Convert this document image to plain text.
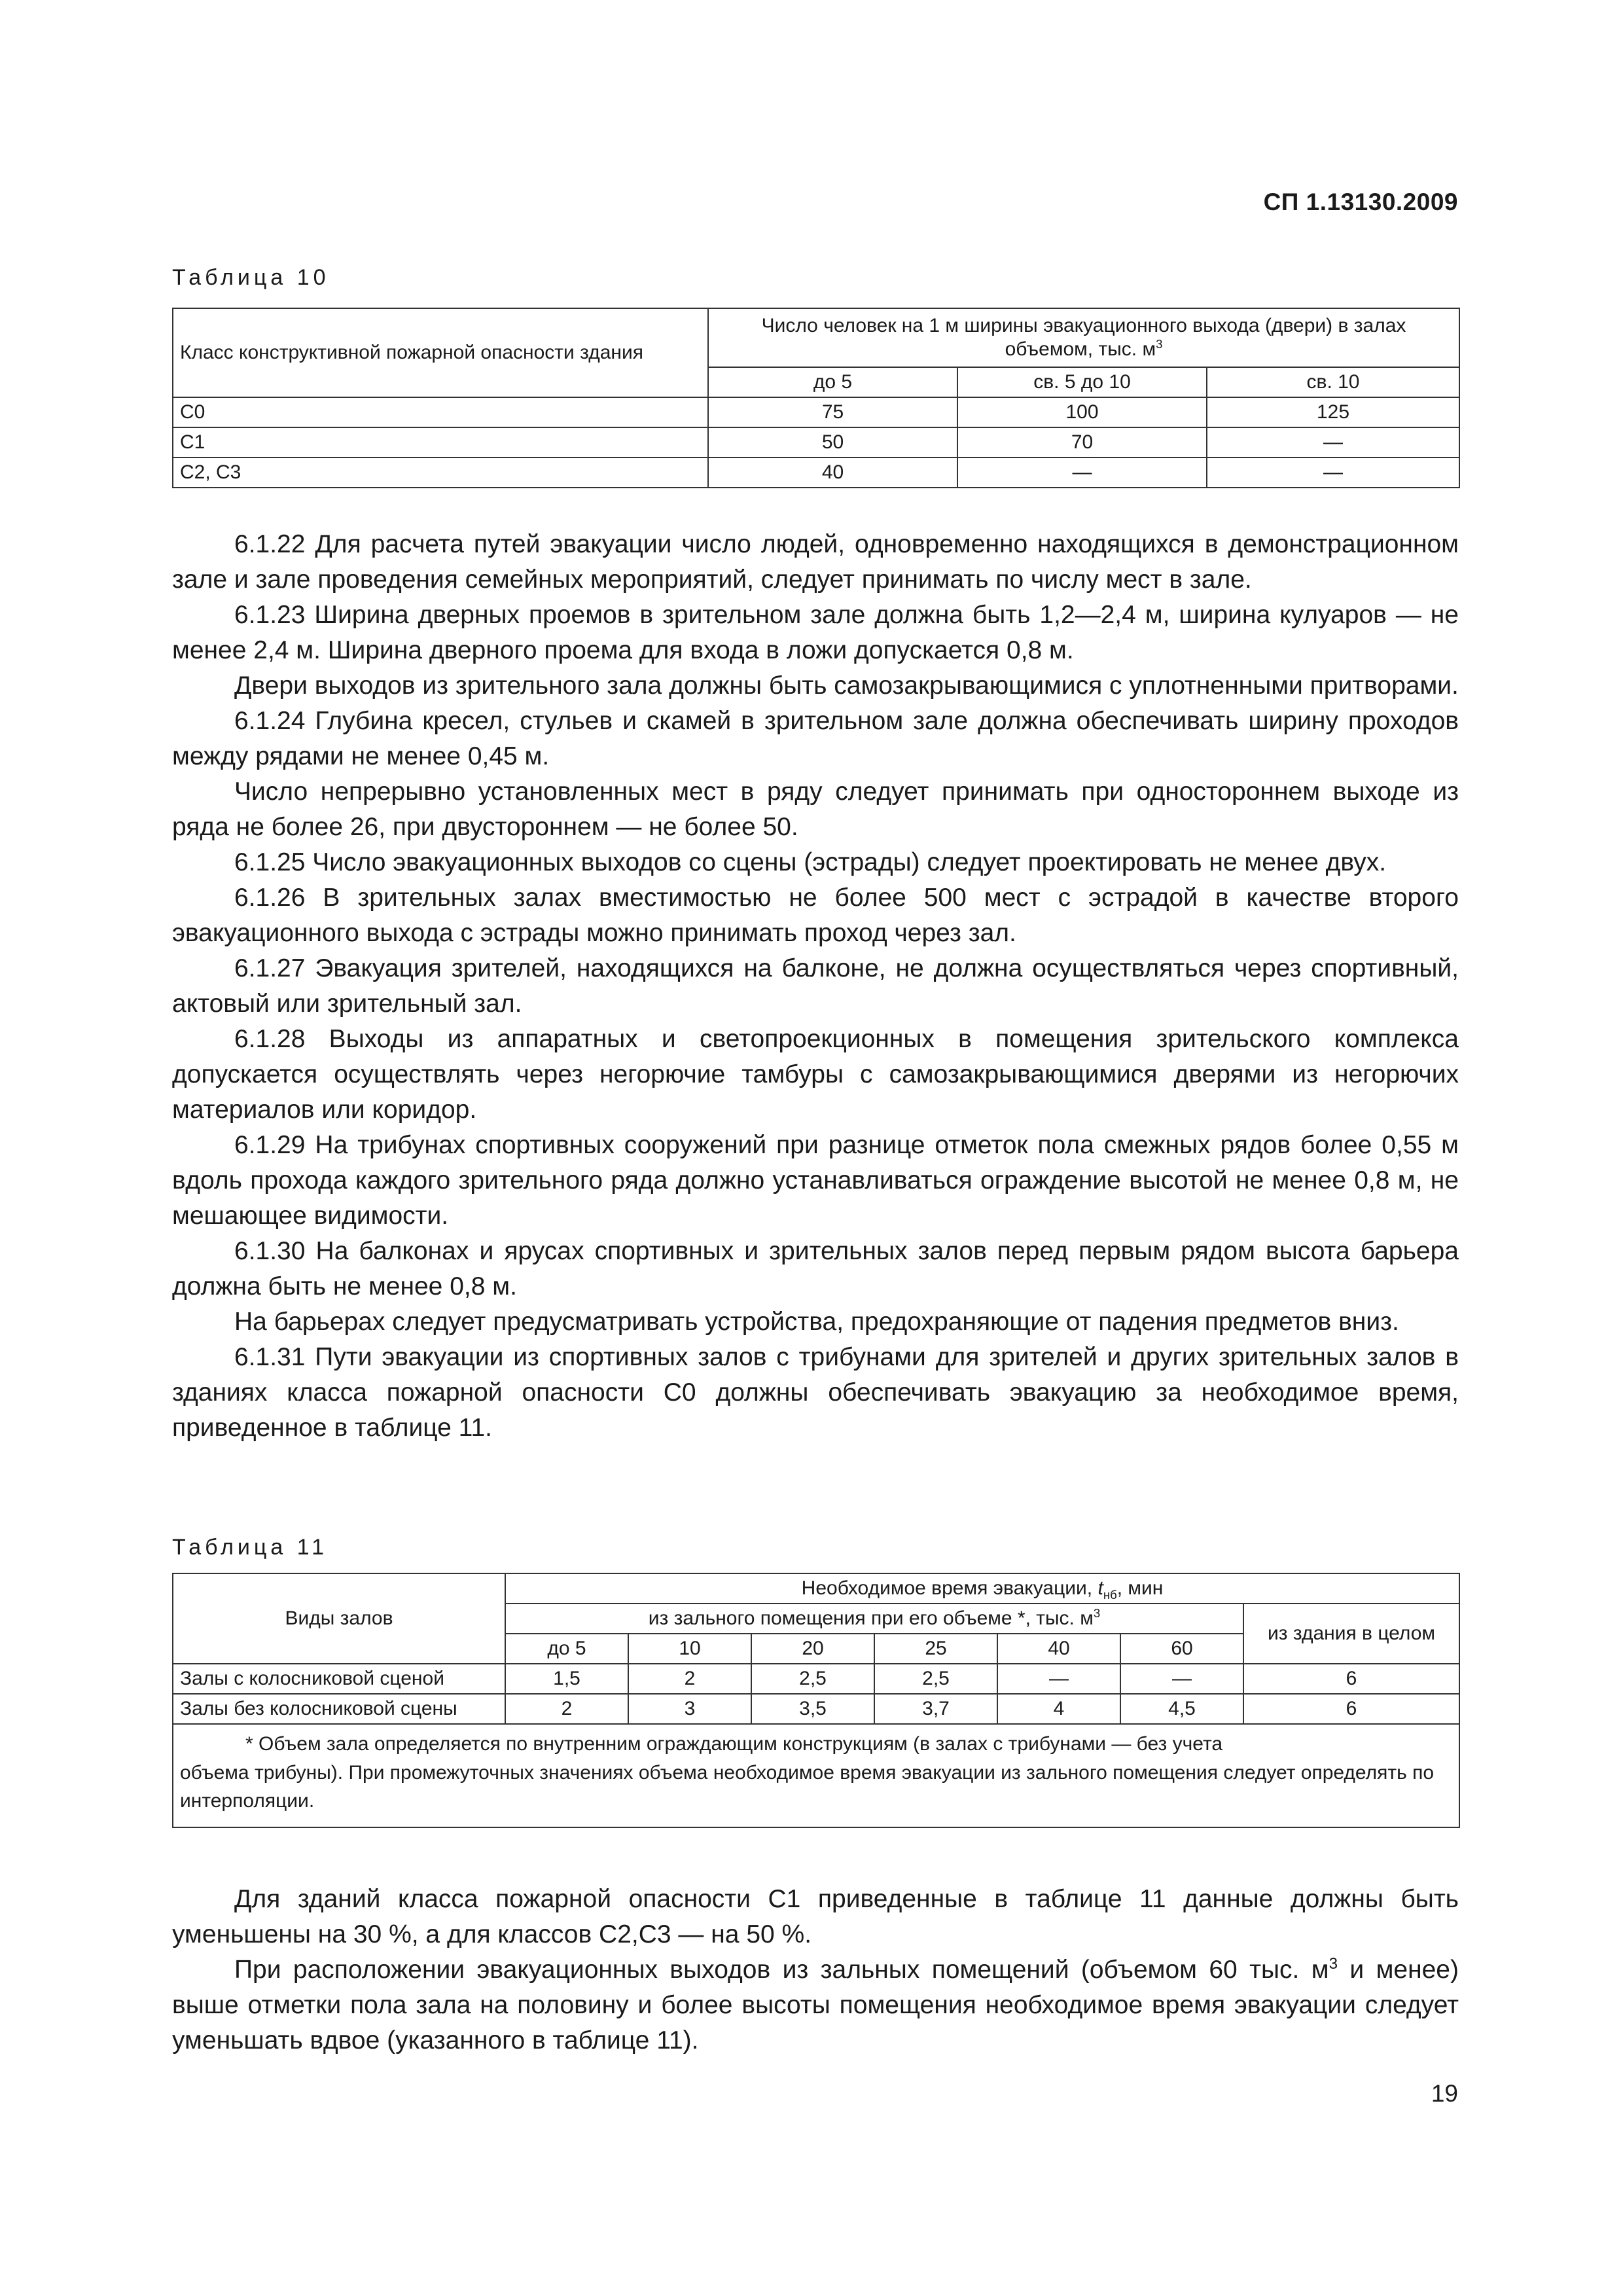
СП 1.13130.2009
Таблица 10
Класс конструктивной пожарной опасности здания	Число человек на 1 м ширины эвакуационного выхода (двери) в залах объемом, тыс. $м^3$
	до 5	св. 5 до 10	св. 10
С0	75	100	125
С1	50	70	—
С2, С3	40	—	—

6.1.22 Для расчета путей эвакуации число людей, одновременно находящихся в демонстрационном зале и зале проведения семейных мероприятий, следует принимать по числу мест в зале.

6.1.23 Ширина дверных проемов в зрительном зале должна быть 1,2—2,4 м, ширина кулуаров — не менее 2,4 м. Ширина дверного проема для входа в ложи допускается 0,8 м.

Двери выходов из зрительного зала должны быть самозакрывающимися с уплотненными притворами.

6.1.24 Глубина кресел, стульев и скамей в зрительном зале должна обеспечивать ширину проходов между рядами не менее 0,45 м.

Число непрерывно установленных мест в ряду следует принимать при одностороннем выходе из ряда не более 26, при двустороннем — не более 50.

6.1.25 Число эвакуационных выходов со сцены (эстрады) следует проектировать не менее двух.

6.1.26 В зрительных залах вместимостью не более 500 мест с эстрадой в качестве второго эвакуационного выхода с эстрады можно принимать проход через зал.

6.1.27 Эвакуация зрителей, находящихся на балконе, не должна осуществляться через спортивный, актовый или зрительный зал.

6.1.28 Выходы из аппаратных и светопроекционных в помещения зрительского комплекса допускается осуществлять через негорючие тамбуры с самозакрывающимися дверями из негорючих материалов или коридор.

6.1.29 На трибунах спортивных сооружений при разнице отметок пола смежных рядов более 0,55 м вдоль прохода каждого зрительного ряда должно устанавливаться ограждение высотой не менее 0,8 м, не мешающее видимости.

6.1.30 На балконах и ярусах спортивных и зрительных залов перед первым рядом высота барьера должна быть не менее 0,8 м.

На барьерах следует предусматривать устройства, предохраняющие от падения предметов вниз.

6.1.31 Пути эвакуации из спортивных залов с трибунами для зрителей и других зрительных залов в зданиях класса пожарной опасности С0 должны обеспечивать эвакуацию за необходимое время, приведенное в таблице 11.

Таблица 11
Виды залов	Необходимое время эвакуации, $t_{нб}$, мин						
	из зального помещения при его объеме *, тыс. $м^3$						из здания в целом
	до 5	10	20	25	40	60	
Залы с колосниковой сценой	1,5	2	2,5	2,5	—	—	6
Залы без колосниковой сцены	2	3	3,5	3,7	4	4,5	6

* Объем зала определяется по внутренним ограждающим конструкциям (в залах с трибунами — без учета
объема трибуны). При промежуточных значениях объема необходимое время эвакуации из зального помещения следует определять по интерполяции.							

Для зданий класса пожарной опасности С1 приведенные в таблице 11 данные должны быть уменьшены на 30 %, а для классов С2,С3 — на 50 %.

При расположении эвакуационных выходов из зальных помещений (объемом 60 тыс. $м^3$ и менее) выше отметки пола зала на половину и более высоты помещения необходимое время эвакуации следует уменьшать вдвое (указанного в таблице 11).

19
